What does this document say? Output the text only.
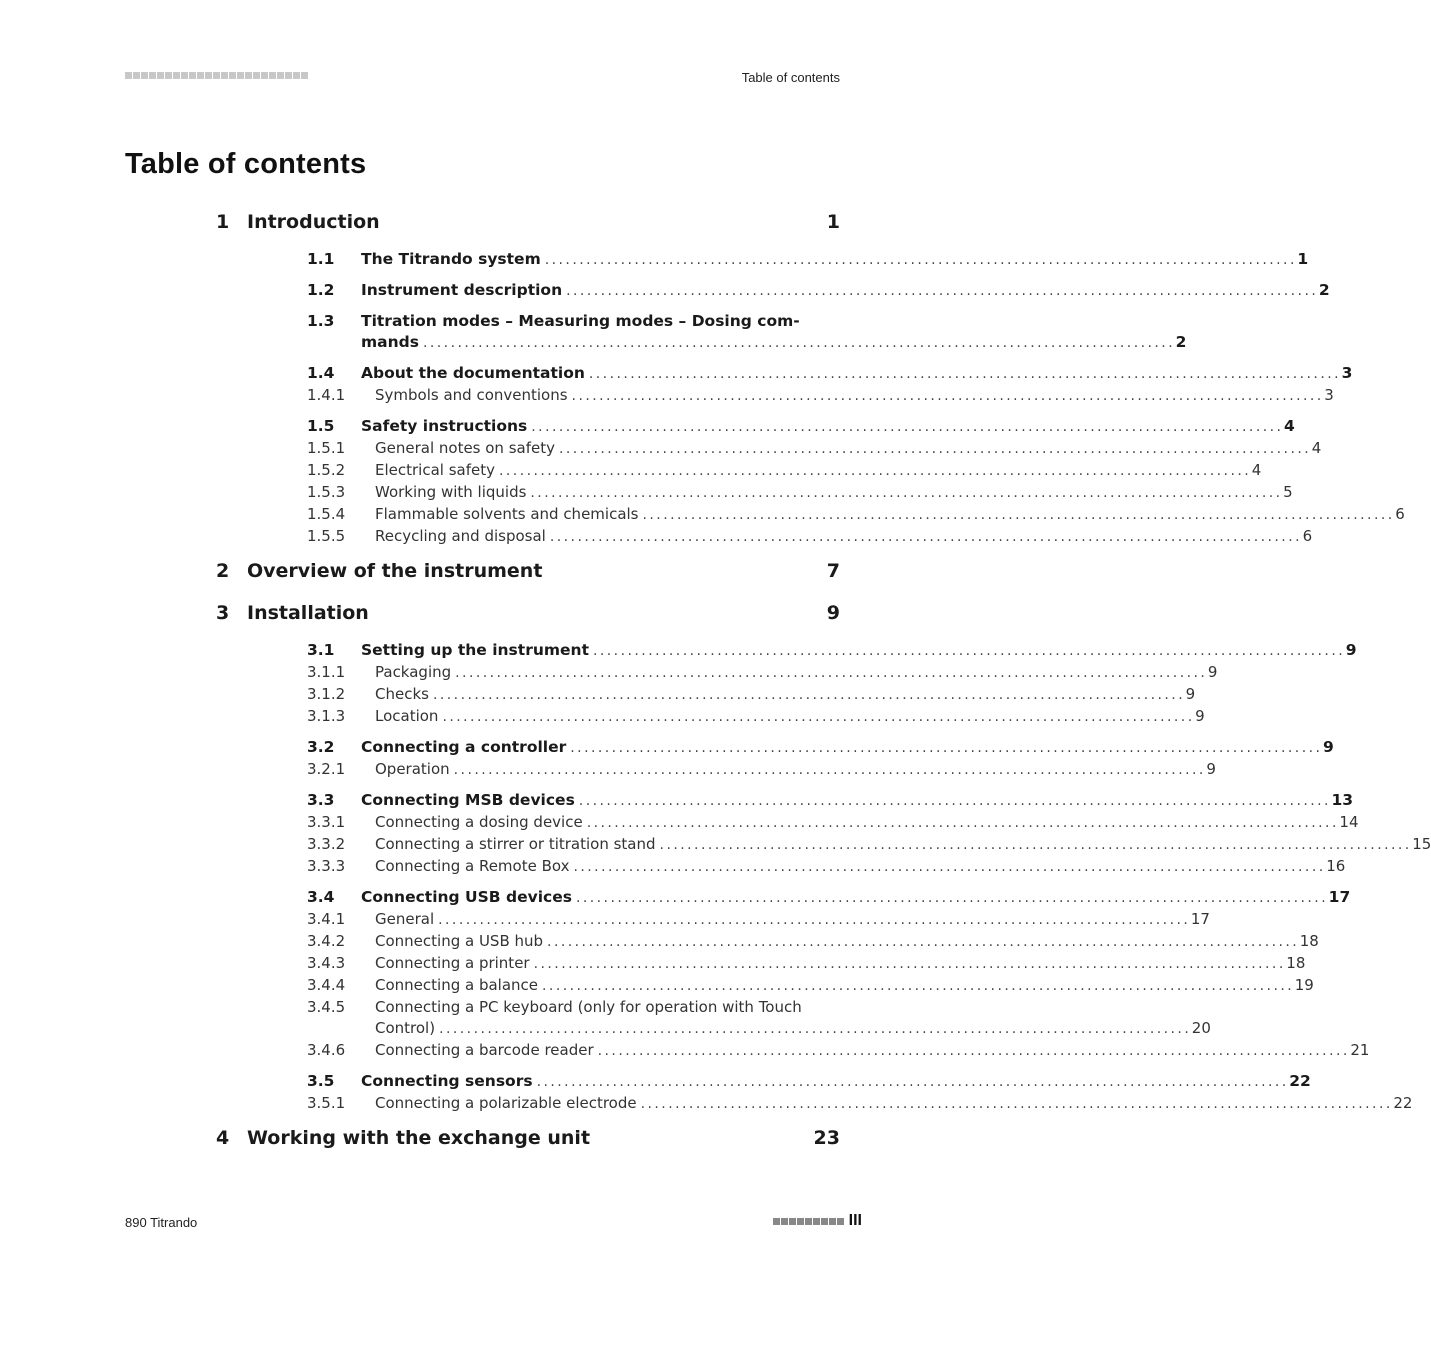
Table of contents
Table of contents
1 Introduction	1
1.1	The Titrando system . . .	1
1.2	Instrument description . . .	2
1.3	Titration modes – Measuring modes – Dosing com-
mands . . .	2
1.4	About the documentation . . .	3
1.4.1	Symbols and conventions . . .	3
1.5	Safety instructions . . .	4
1.5.1	General notes on safety . . .	4
1.5.2	Electrical safety . . .	4
1.5.3	Working with liquids . . .	5
1.5.4	Flammable solvents and chemicals . . .	6
1.5.5	Recycling and disposal . . .	6
2 Overview of the instrument	7
3 Installation	9
3.1	Setting up the instrument . . .	9
3.1.1	Packaging . . .	9
3.1.2	Checks . . .	9
3.1.3	Location . . .	9
3.2	Connecting a controller . . .	9
3.2.1	Operation . . .	9
3.3	Connecting MSB devices . . .	13
3.3.1	Connecting a dosing device . . .	14
3.3.2	Connecting a stirrer or titration stand . . .	15
3.3.3	Connecting a Remote Box . . .	16
3.4	Connecting USB devices . . .	17
3.4.1	General . . .	17
3.4.2	Connecting a USB hub . . .	18
3.4.3	Connecting a printer . . .	18
3.4.4	Connecting a balance . . .	19
3.4.5	Connecting a PC keyboard (only for operation with Touch
Control) . . .	20
3.4.6	Connecting a barcode reader . . .	21
3.5	Connecting sensors . . .	22
3.5.1	Connecting a polarizable electrode . . .	22
4 Working with the exchange unit	23
890 Titrando	III
